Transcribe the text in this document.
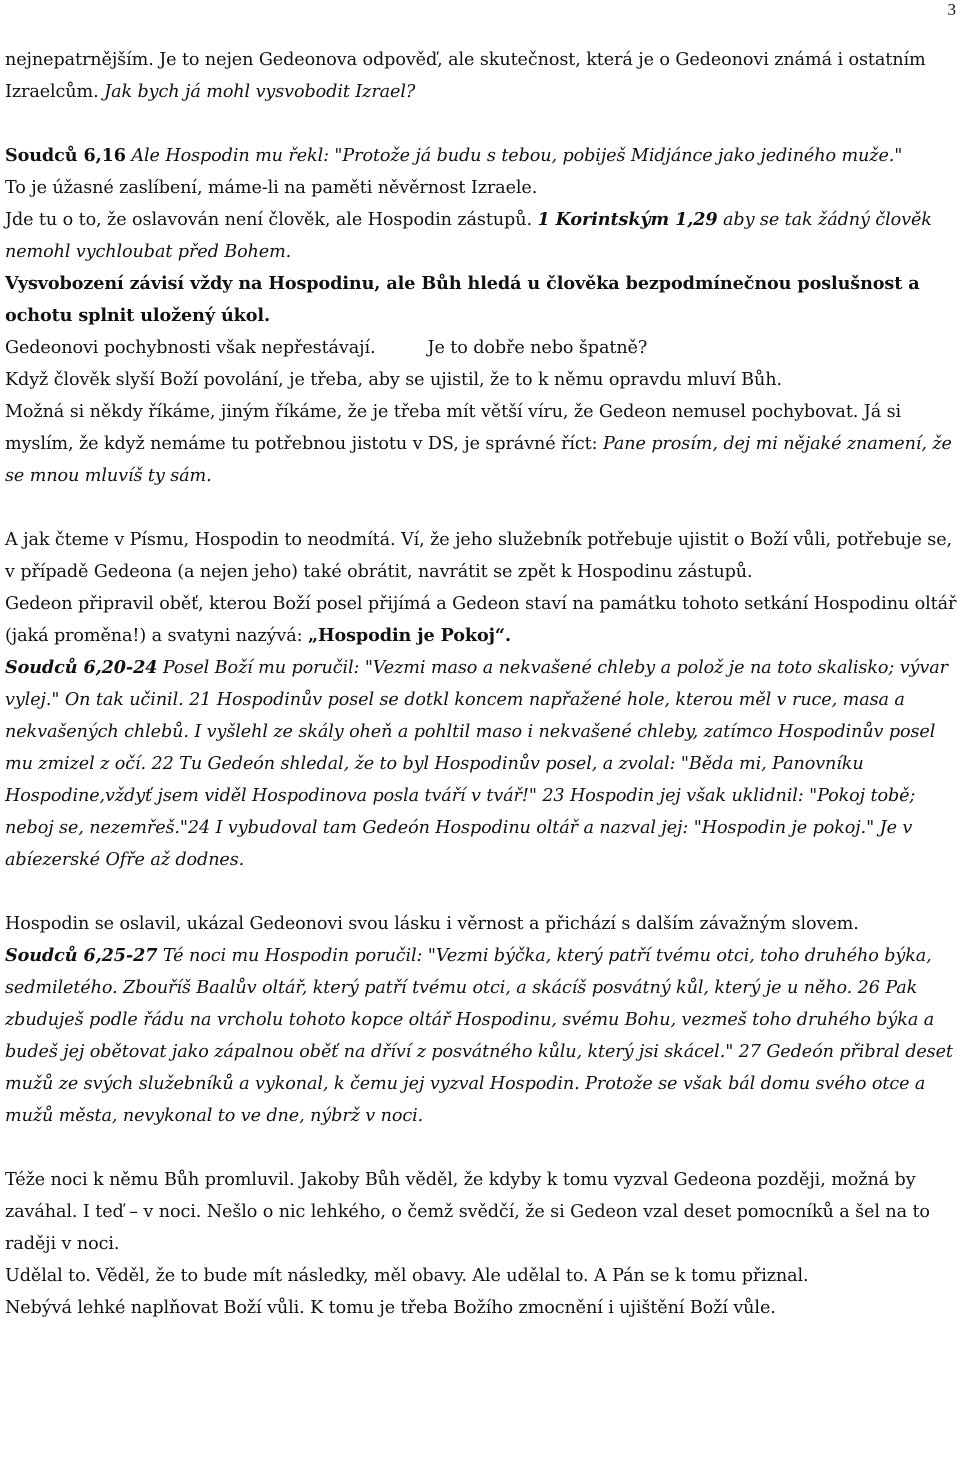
3

nejnepatrnějším. Je to nejen Gedeonova odpověď, ale skutečnost, která je o Gedeonovi známá i ostatním Izraelcům. Jak bych já mohl vysvobodit Izrael?

Soudců 6,16 Ale Hospodin mu řekl: "Protože já budu s tebou, pobiješ Midjánce jako jediného muže."

To je úžasné zaslíbení, máme-li na paměti něvěrnost Izraele.

Jde tu o to, že oslavován není člověk, ale Hospodin zástupů. 1 Korintským 1,29 aby se tak žádný člověk nemohl vychloubat před Bohem.

Vysvobození závisí vždy na Hospodinu, ale Bůh hledá u člověka bezpodmínečnou poslušnost a ochotu splnit uložený úkol.

Gedeonovi pochybnosti však nepřestávají.	Je to dobře nebo špatně?

Když člověk slyší Boží povolání, je třeba, aby se ujistil, že to k němu opravdu mluví Bůh.

Možná si někdy říkáme, jiným říkáme, že je třeba mít větší víru, že Gedeon nemusel pochybovat. Já si myslím, že když nemáme tu potřebnou jistotu v DS, je správné říct: Pane prosím, dej mi nějaké znamení, že se mnou mluvíš ty sám.

A jak čteme v Písmu, Hospodin to neodmítá. Ví, že jeho služebník potřebuje ujistit o Boží vůli, potřebuje se, v případě Gedeona (a nejen jeho) také obrátit, navrátit se zpět k Hospodinu zástupů.

Gedeon připravil oběť, kterou Boží posel přijímá a Gedeon staví na památku tohoto setkání Hospodinu oltář (jaká proměna!) a svatyni nazývá: „Hospodin je Pokoj“.

Soudců 6,20-24 Posel Boží mu poručil: "Vezmi maso a nekvašené chleby a polož je na toto skalisko; vývar vylej." On tak učinil. 21 Hospodinův posel se dotkl koncem napřažené hole, kterou měl v ruce, masa a nekvašených chlebů. I vyšlehl ze skály oheň a pohltil maso i nekvašené chleby, zatímco Hospodinův posel mu zmizel z očí. 22 Tu Gedeón shledal, že to byl Hospodinův posel, a zvolal: "Běda mi, Panovníku Hospodine,vždyť jsem viděl Hospodinova posla tváří v tvář!" 23 Hospodin jej však uklidnil: "Pokoj tobě; neboj se, nezemřeš."24 I vybudoval tam Gedeón Hospodinu oltář a nazval jej: "Hospodin je pokoj." Je v abíezerské Ofře až dodnes.

Hospodin se oslavil, ukázal Gedeonovi svou lásku i věrnost a přichází s dalším závažným slovem.

Soudců 6,25-27 Té noci mu Hospodin poručil: "Vezmi býčka, který patří tvému otci, toho druhého býka, sedmiletého. Zbouříš Baalův oltář, který patří tvému otci, a skácíš posvátný kůl, který je u něho. 26 Pak zbuduješ podle řádu na vrcholu tohoto kopce oltář Hospodinu, svému Bohu, vezmeš toho druhého býka a budeš jej obětovat jako zápalnou oběť na dříví z posvátného kůlu, který jsi skácel." 27 Gedeón přibral deset mužů ze svých služebníků a vykonal, k čemu jej vyzval Hospodin. Protože se však bál domu svého otce a mužů města, nevykonal to ve dne, nýbrž v noci.

Téže noci k němu Bůh promluvil. Jakoby Bůh věděl, že kdyby k tomu vyzval Gedeona později, možná by zaváhal. I teď – v noci. Nešlo o nic lehkého, o čemž svědčí, že si Gedeon vzal deset pomocníků a šel na to raději v noci.

Udělal to. Věděl, že to bude mít následky, měl obavy. Ale udělal to. A Pán se k tomu přiznal.

Nebývá lehké naplňovat Boží vůli. K tomu je třeba Božího zmocnění i ujištění Boží vůle.
